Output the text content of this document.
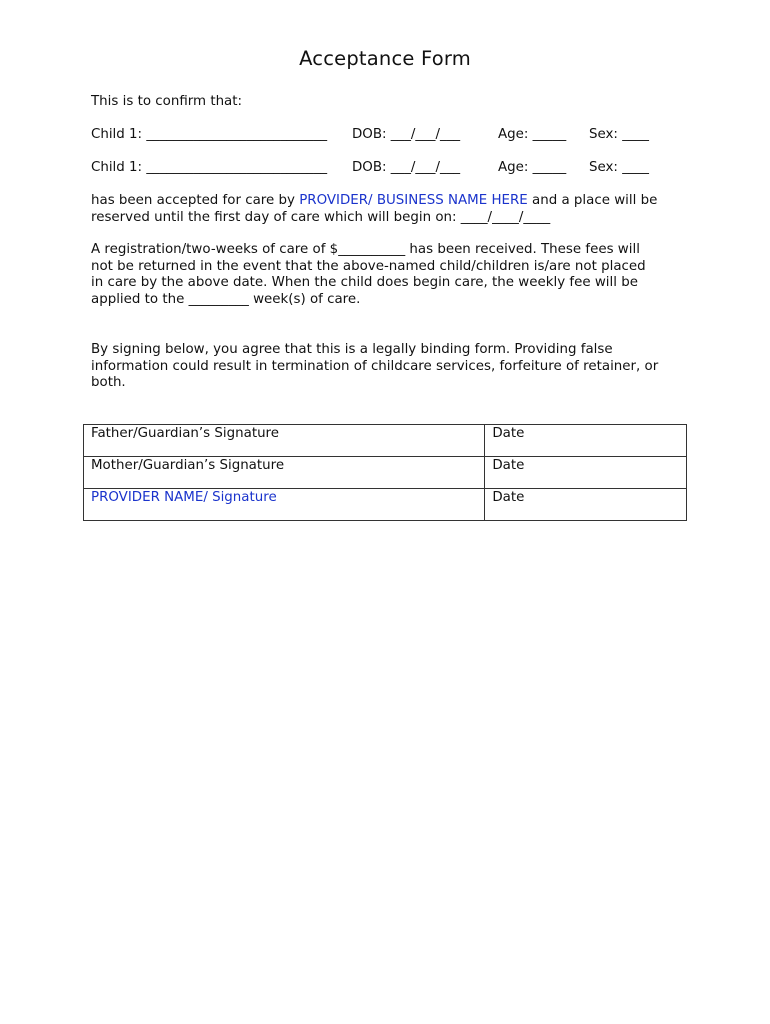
Acceptance Form
This is to confirm that:
Child 1: ___________________________ DOB: ___/___/___	Age: _____ Sex: ____
Child 1: ___________________________ DOB: ___/___/___	Age: _____ Sex: ____
has been accepted for care by PROVIDER/ BUSINESS NAME HERE and a place will be
reserved until the first day of care which will begin on: ____/____/____
A registration/two-weeks of care of $__________ has been received. These fees will
not be returned in the event that the above-named child/children is/are not placed
in care by the above date. When the child does begin care, the weekly fee will be
applied to the _________ week(s) of care.
By signing below, you agree that this is a legally binding form. Providing false
information could result in termination of childcare services, forfeiture of retainer, or
both.
Father/Guardian’s Signature	Date
Mother/Guardian’s Signature	Date
PROVIDER NAME/ Signature	Date
